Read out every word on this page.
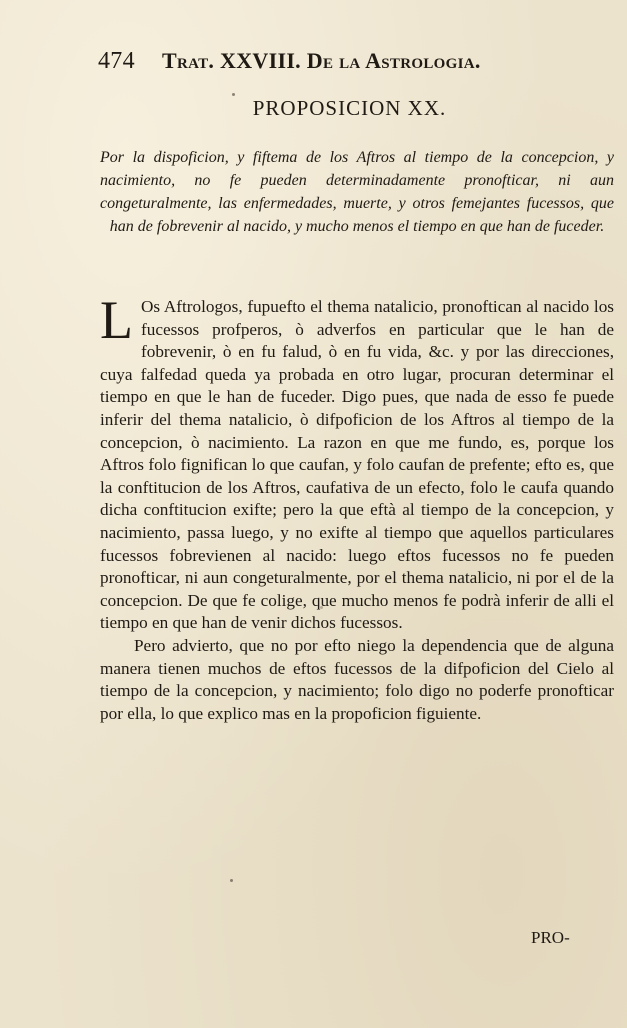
474 Trat. XXVIII. De la Astrologia.
PROPOSICION XX.
Por la dispoficion, y fiftema de los Aftros al tiempo de la concepcion, y nacimiento, no fe pueden determinadamente pronofticar, ni aun congeturalmente, las enfermedades, muerte, y otros femejantes fucessos, que han de fobrevenir al nacido, y mucho menos el tiempo en que han de fuceder.

L Os Aftrologos, fupuefto el thema natalicio, pronoftican al nacido los fucessos profperos, ò adverfos en particular que le han de fobrevenir, ò en fu falud, ò en fu vida, &c. y por las direcciones, cuya falfedad queda ya probada en otro lugar, procuran determinar el tiempo en que le han de fuceder. Digo pues, que nada de esso fe puede inferir del thema natalicio, ò difpoficion de los Aftros al tiempo de la concepcion, ò nacimiento. La razon en que me fundo, es, porque los Aftros folo fignifican lo que caufan, y folo caufan de prefente; efto es, que la conftitucion de los Aftros, caufativa de un efecto, folo le caufa quando dicha conftitucion exifte; pero la que eftà al tiempo de la concepcion, y nacimiento, passa luego, y no exifte al tiempo que aquellos particulares fucessos fobrevienen al nacido: luego eftos fucessos no fe pueden pronofticar, ni aun congeturalmente, por el thema natalicio, ni por el de la concepcion. De que fe colige, que mucho menos fe podrà inferir de alli el tiempo en que han de venir dichos fucessos.

Pero advierto, que no por efto niego la dependencia que de alguna manera tienen muchos de eftos fucessos de la difpoficion del Cielo al tiempo de la concepcion, y nacimiento; folo digo no poderfe pronofticar por ella, lo que explico mas en la propoficion figuiente.

PRO-
